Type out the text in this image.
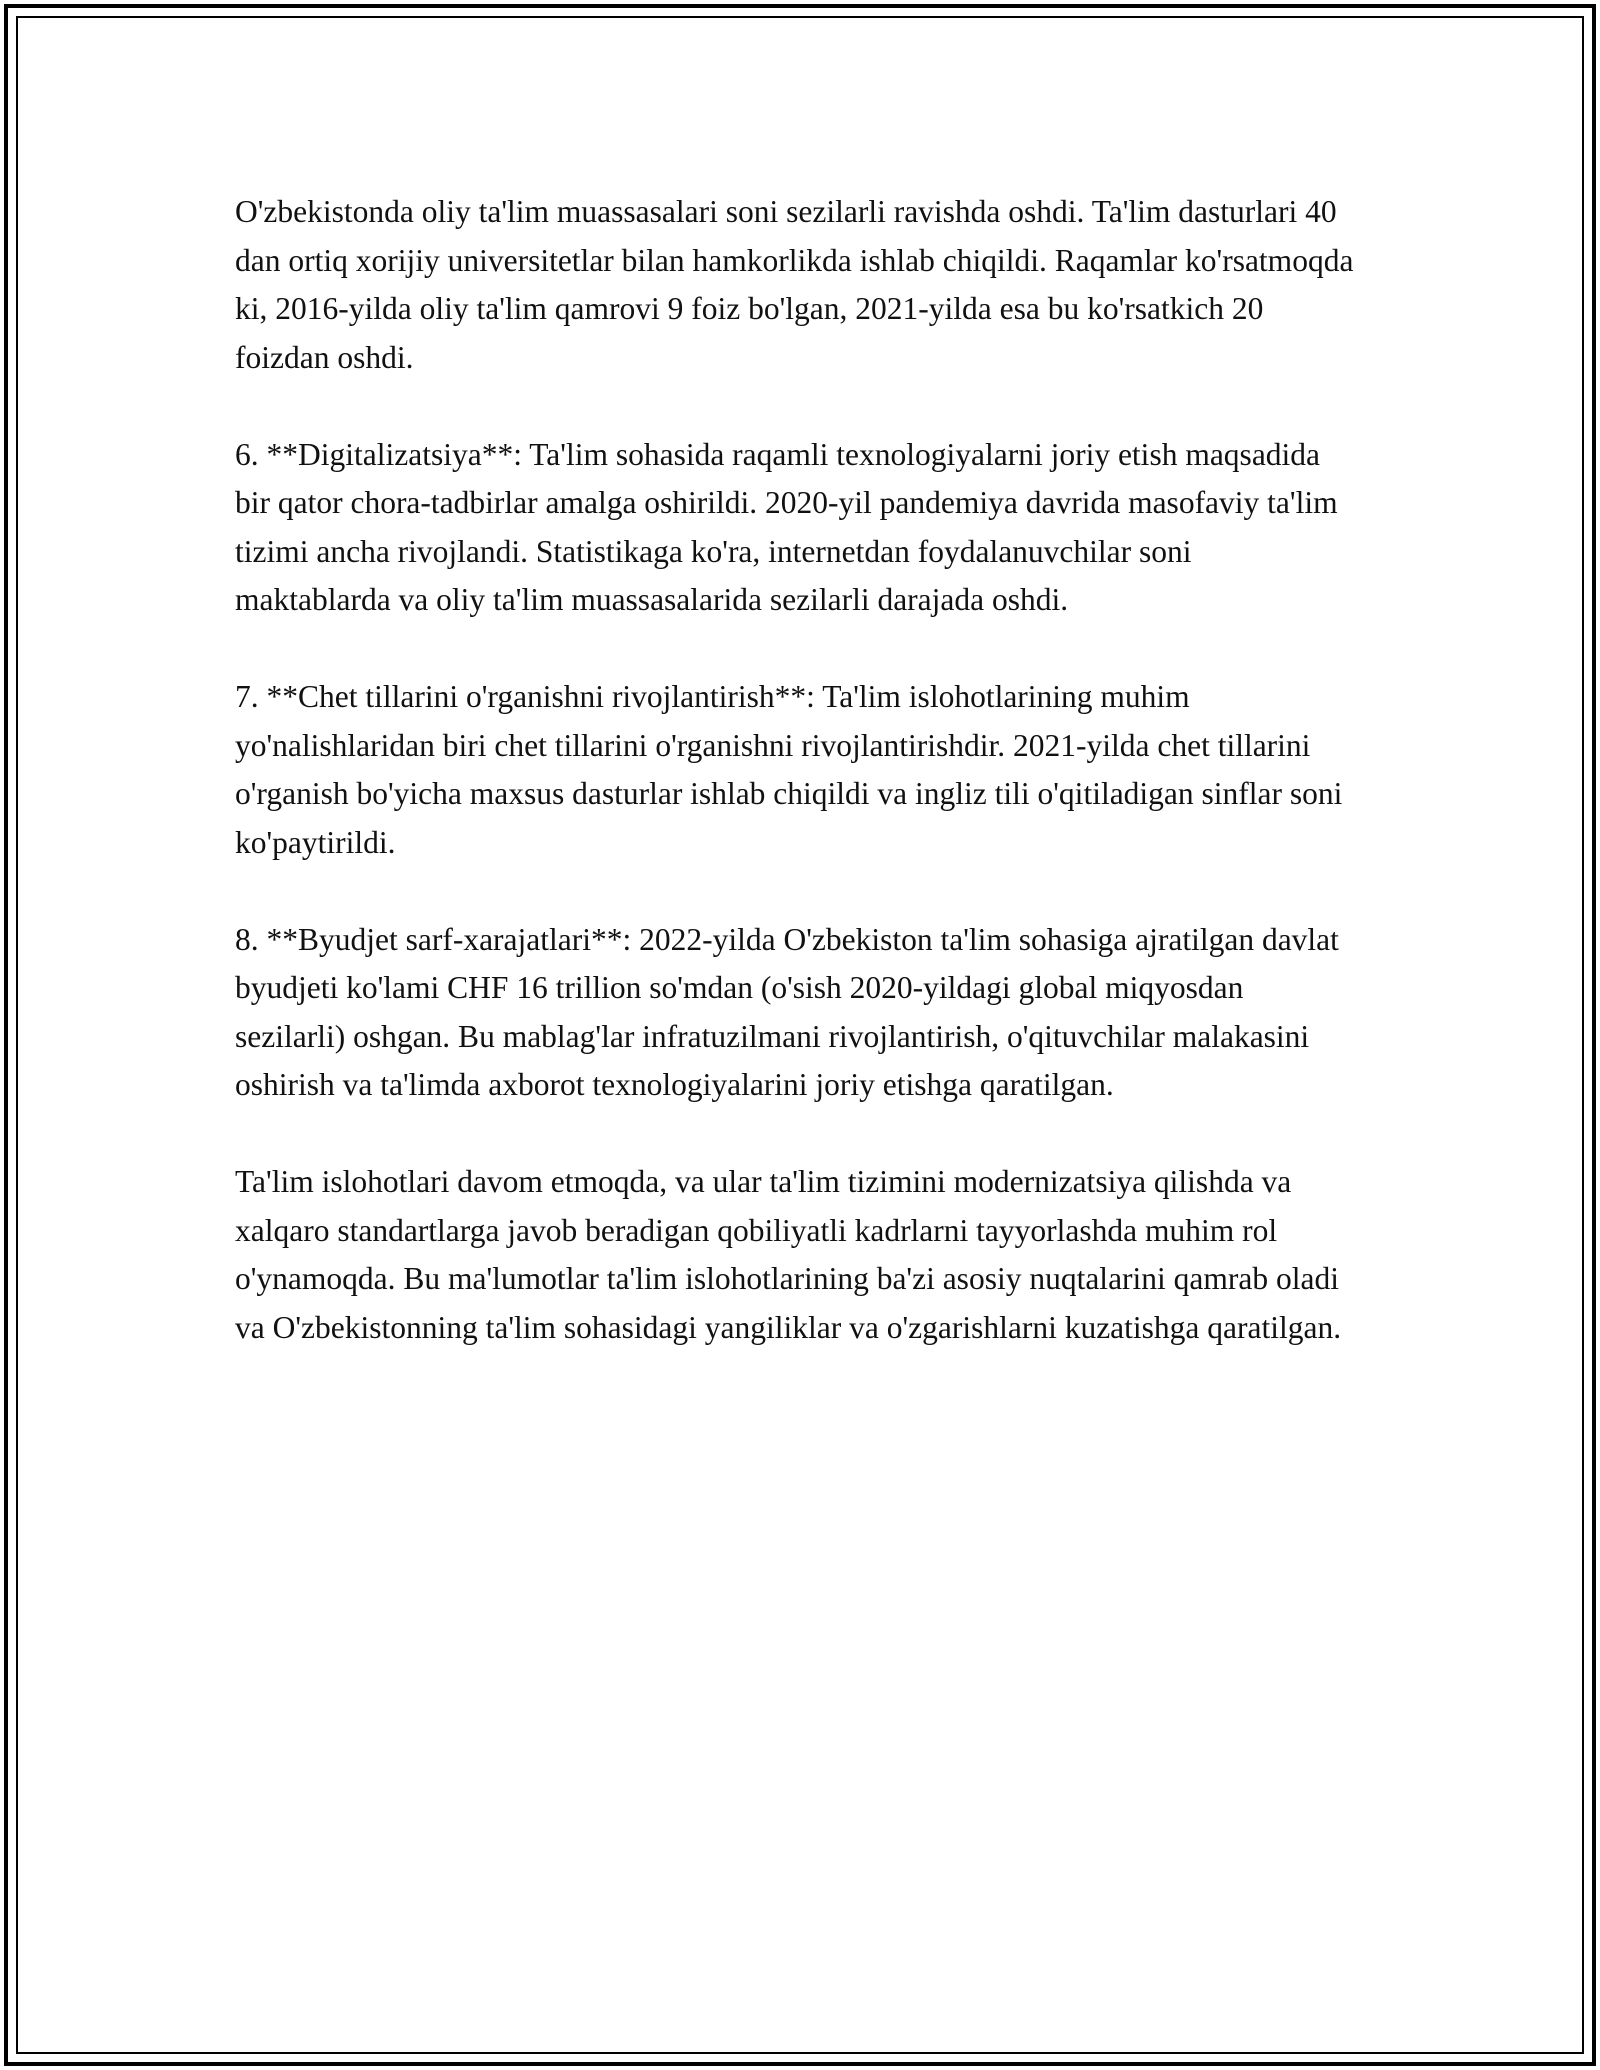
O'zbekistonda oliy ta'lim muassasalari soni sezilarli ravishda oshdi. Ta'lim dasturlari 40 dan ortiq xorijiy universitetlar bilan hamkorlikda ishlab chiqildi. Raqamlar ko'rsatmoqda ki, 2016-yilda oliy ta'lim qamrovi 9 foiz bo'lgan, 2021-yilda esa bu ko'rsatkich 20 foizdan oshdi.

6. **Digitalizatsiya**: Ta'lim sohasida raqamli texnologiyalarni joriy etish maqsadida bir qator chora-tadbirlar amalga oshirildi. 2020-yil pandemiya davrida masofaviy ta'lim tizimi ancha rivojlandi. Statistikaga ko'ra, internetdan foydalanuvchilar soni maktablarda va oliy ta'lim muassasalarida sezilarli darajada oshdi.

7. **Chet tillarini o'rganishni rivojlantirish**: Ta'lim islohotlarining muhim yo'nalishlaridan biri chet tillarini o'rganishni rivojlantirishdir. 2021-yilda chet tillarini o'rganish bo'yicha maxsus dasturlar ishlab chiqildi va ingliz tili o'qitiladigan sinflar soni ko'paytirildi.

8. **Byudjet sarf-xarajatlari**: 2022-yilda O'zbekiston ta'lim sohasiga ajratilgan davlat byudjeti ko'lami CHF 16 trillion so'mdan (o'sish 2020-yildagi global miqyosdan sezilarli) oshgan. Bu mablag'lar infratuzilmani rivojlantirish, o'qituvchilar malakasini oshirish va ta'limda axborot texnologiyalarini joriy etishga qaratilgan.

Ta'lim islohotlari davom etmoqda, va ular ta'lim tizimini modernizatsiya qilishda va xalqaro standartlarga javob beradigan qobiliyatli kadrlarni tayyorlashda muhim rol o'ynamoqda. Bu ma'lumotlar ta'lim islohotlarining ba'zi asosiy nuqtalarini qamrab oladi va O'zbekistonning ta'lim sohasidagi yangiliklar va o'zgarishlarni kuzatishga qaratilgan.
